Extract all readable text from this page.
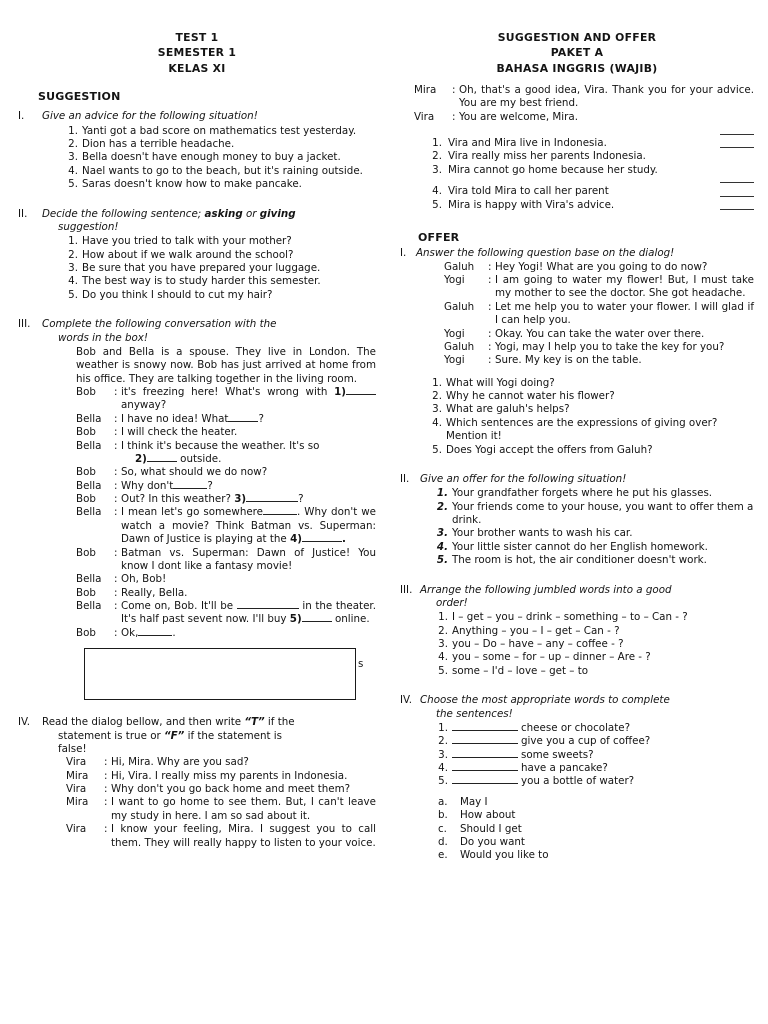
TEST 1
SEMESTER 1
KELAS XI
SUGGESTION
I.	Give an advice for the following situation!
1. Yanti got a bad score on mathematics test yesterday.
2. Dion has a terrible headache.
3. Bella doesn't have enough money to buy a jacket.
4. Nael wants to go to the beach, but it's raining outside.
5. Saras doesn't know how to make pancake.
II.	Decide the following sentence; asking or giving
suggestion!
1. Have you tried to talk with your mother?
2. How about if we walk around the school?
3. Be sure that you have prepared your luggage.
4. The best way is to study harder this semester.
5. Do you think I should to cut my hair?
III.	Complete the following conversation with the
words in the box!
Bob and Bella is a spouse. They live in London. The weather is snowy now. Bob has just arrived at home from his office. They are talking together in the living room.
Bob	: it's freezing here! What's wrong with 1) anyway?
Bella	: I have no idea! What	?
Bob	: I will check the heater.
Bella	: I think it's because the weather. It's so
2)	outside.
Bob	: So, what should we do now?
Bella	: Why don't	?
Bob	: Out? In this weather? 3)	?
Bella	: I mean let's go somewhere	. Why don't we watch a movie? Think Batman vs. Superman: Dawn of Justice is playing at the 4)	.
Bob	: Batman vs. Superman: Dawn of Justice! You know I dont like a fantasy movie!
Bella	: Oh, Bob!
Bob	: Really, Bella.
Bella	: Come on, Bob. It'll be	in the theater. It's half past sevent now. I'll buy 5)	online.
Bob	: Ok,	.
s
IV.	Read the dialog bellow, and then write “T” if the
statement is true or “F” if the statement is
false!
Vira	: Hi, Mira. Why are you sad?
Mira	: Hi, Vira. I really miss my parents in Indonesia.
Vira	: Why don't you go back home and meet them?
Mira	: I want to go home to see them. But, I can't leave my study in here. I am so sad about it.
Vira	: I know your feeling, Mira. I suggest you to call them. They will really happy to listen to your voice.
SUGGESTION AND OFFER
PAKET A
BAHASA INGGRIS (WAJIB)
Mira	: Oh, that's a good idea, Vira. Thank you for your advice. You are my best friend.
Vira	: You are welcome, Mira.
1. Vira and Mira live in Indonesia.
2. Vira really miss her parents Indonesia.
3. Mira cannot go home because her study.
4. Vira told Mira to call her parent
5. Mira is happy with Vira's advice.
OFFER
I. Answer the following question base on the dialog!
Galuh	: Hey Yogi! What are you going to do now?
Yogi	: I am going to water my flower! But, I must take my mother to see the doctor. She got headache.
Galuh	: Let me help you to water your flower. I will glad if I can help you.
Yogi	: Okay. You can take the water over there.
Galuh	: Yogi, may I help you to take the key for you?
Yogi	: Sure. My key is on the table.
1. What will Yogi doing?
2. Why he cannot water his flower?
3. What are galuh's helps?
4. Which sentences are the expressions of giving over? Mention it!
5. Does Yogi accept the offers from Galuh?
II.	Give an offer for the following situation!
1. Your grandfather forgets where he put his glasses.
2. Your friends come to your house, you want to offer them a drink.
3. Your brother wants to wash his car.
4. Your little sister cannot do her English homework.
5. The room is hot, the air conditioner doesn't work.
III. Arrange the following jumbled words into a good
order!
1. I – get – you – drink – something – to – Can - ?
2. Anything – you – I – get – Can - ?
3. you – Do – have – any – coffee - ?
4. you – some – for – up – dinner – Are - ?
5. some – I'd – love – get – to
IV. Choose the most appropriate words to complete
the sentences!
1.	cheese or chocolate?
2.	give you a cup of coffee?
3.	some sweets?
4.	have a pancake?
5.	you a bottle of water?
a.	May I
b.	How about
c.	Should I get
d.	Do you want
e.	Would you like to
